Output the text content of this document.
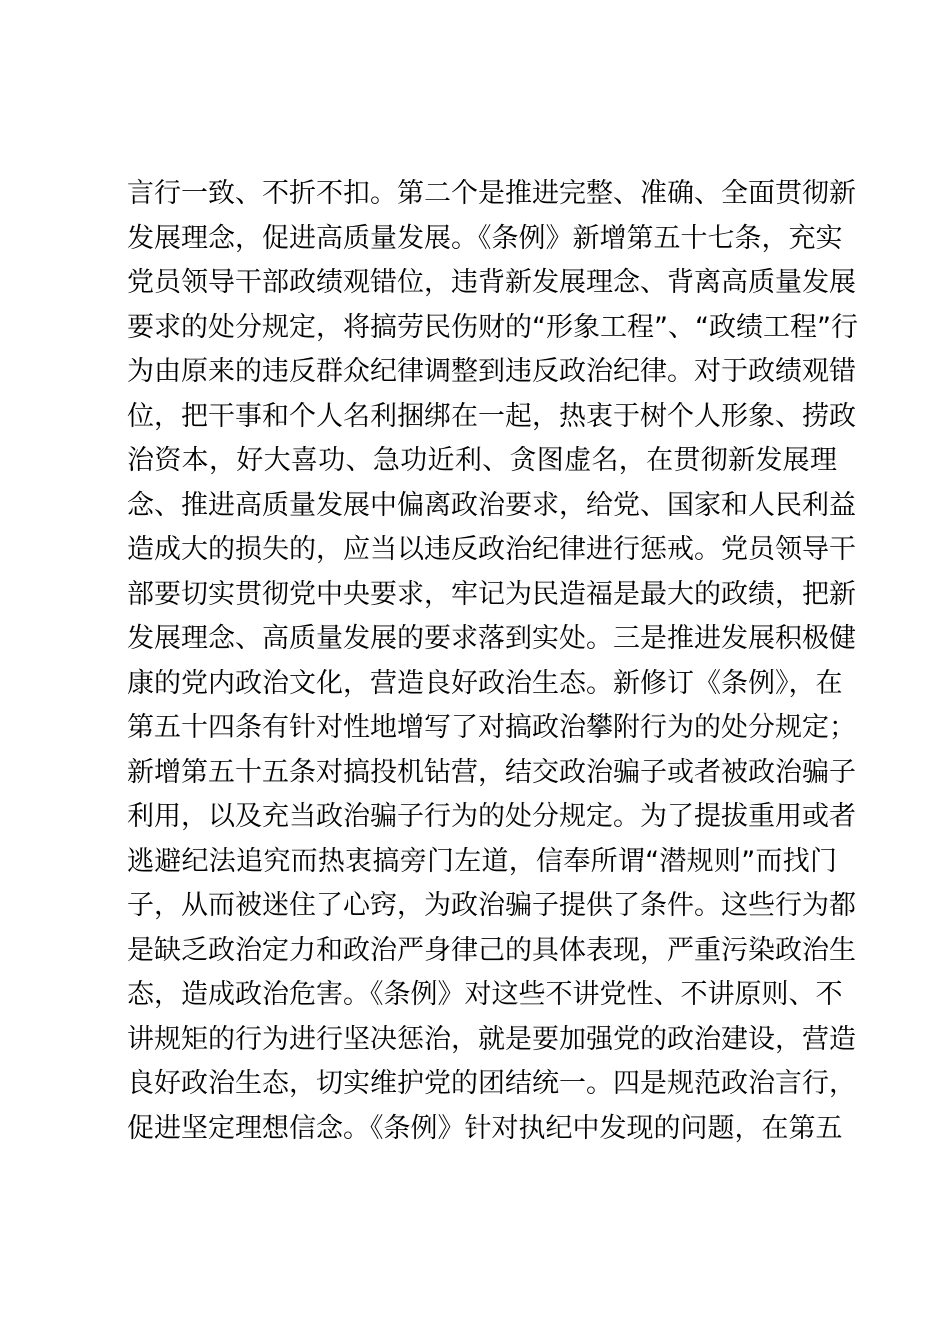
言行一致、不折不扣。第二个是推进完整、准确、全面贯彻新
发展理念，促进高质量发展。《条例》新增第五十七条，充实
党员领导干部政绩观错位，违背新发展理念、背离高质量发展
要求的处分规定，将搞劳民伤财的“形象工程”、“政绩工程”行
为由原来的违反群众纪律调整到违反政治纪律。对于政绩观错
位，把干事和个人名利捆绑在一起，热衷于树个人形象、捞政
治资本，好大喜功、急功近利、贪图虚名，在贯彻新发展理
念、推进高质量发展中偏离政治要求，给党、国家和人民利益
造成大的损失的，应当以违反政治纪律进行惩戒。党员领导干
部要切实贯彻党中央要求，牢记为民造福是最大的政绩，把新
发展理念、高质量发展的要求落到实处。三是推进发展积极健
康的党内政治文化，营造良好政治生态。新修订《条例》，在
第五十四条有针对性地增写了对搞政治攀附行为的处分规定；
新增第五十五条对搞投机钻营，结交政治骗子或者被政治骗子
利用，以及充当政治骗子行为的处分规定。为了提拔重用或者
逃避纪法追究而热衷搞旁门左道，信奉所谓“潜规则”而找门
子，从而被迷住了心窍，为政治骗子提供了条件。这些行为都
是缺乏政治定力和政治严身律己的具体表现，严重污染政治生
态，造成政治危害。《条例》对这些不讲党性、不讲原则、不
讲规矩的行为进行坚决惩治，就是要加强党的政治建设，营造
良好政治生态，切实维护党的团结统一。四是规范政治言行，
促进坚定理想信念。《条例》针对执纪中发现的问题，在第五
